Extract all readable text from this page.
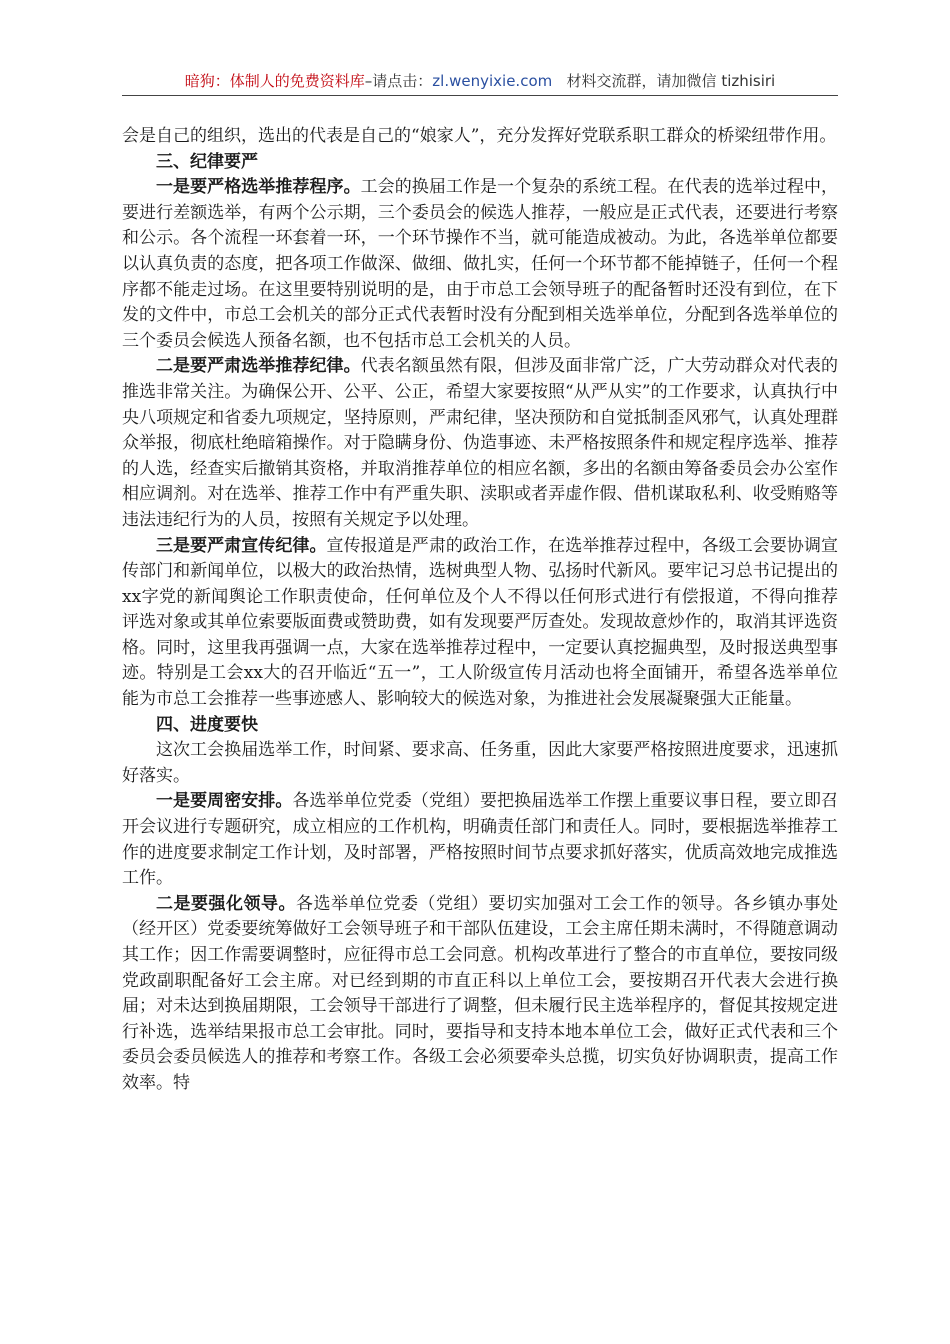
暗狗：体制人的免费资料库–请点击：zl.wenyixie.com 材料交流群，请加微信 tizhisiri

会是自己的组织，选出的代表是自己的“娘家人”，充分发挥好党联系职工群众的桥梁纽带作用。

三、纪律要严

一是要严格选举推荐程序。工会的换届工作是一个复杂的系统工程。在代表的选举过程中，要进行差额选举，有两个公示期，三个委员会的候选人推荐，一般应是正式代表，还要进行考察和公示。各个流程一环套着一环，一个环节操作不当，就可能造成被动。为此，各选举单位都要以认真负责的态度，把各项工作做深、做细、做扎实，任何一个环节都不能掉链子，任何一个程序都不能走过场。在这里要特别说明的是，由于市总工会领导班子的配备暂时还没有到位，在下发的文件中，市总工会机关的部分正式代表暂时没有分配到相关选举单位，分配到各选举单位的三个委员会候选人预备名额，也不包括市总工会机关的人员。

二是要严肃选举推荐纪律。代表名额虽然有限，但涉及面非常广泛，广大劳动群众对代表的推选非常关注。为确保公开、公平、公正，希望大家要按照“从严从实”的工作要求，认真执行中央八项规定和省委九项规定，坚持原则，严肃纪律，坚决预防和自觉抵制歪风邪气，认真处理群众举报，彻底杜绝暗箱操作。对于隐瞒身份、伪造事迹、未严格按照条件和规定程序选举、推荐的人选，经查实后撤销其资格，并取消推荐单位的相应名额，多出的名额由筹备委员会办公室作相应调剂。对在选举、推荐工作中有严重失职、渎职或者弄虚作假、借机谋取私利、收受贿赂等违法违纪行为的人员，按照有关规定予以处理。

三是要严肃宣传纪律。宣传报道是严肃的政治工作，在选举推荐过程中，各级工会要协调宣传部门和新闻单位，以极大的政治热情，选树典型人物、弘扬时代新风。要牢记习总书记提出的xx字党的新闻舆论工作职责使命，任何单位及个人不得以任何形式进行有偿报道，不得向推荐评选对象或其单位索要版面费或赞助费，如有发现要严厉查处。发现故意炒作的，取消其评选资格。同时，这里我再强调一点，大家在选举推荐过程中，一定要认真挖掘典型，及时报送典型事迹。特别是工会xx大的召开临近“五一”，工人阶级宣传月活动也将全面铺开，希望各选举单位能为市总工会推荐一些事迹感人、影响较大的候选对象，为推进社会发展凝聚强大正能量。

四、进度要快

这次工会换届选举工作，时间紧、要求高、任务重，因此大家要严格按照进度要求，迅速抓好落实。

一是要周密安排。各选举单位党委（党组）要把换届选举工作摆上重要议事日程，要立即召开会议进行专题研究，成立相应的工作机构，明确责任部门和责任人。同时，要根据选举推荐工作的进度要求制定工作计划，及时部署，严格按照时间节点要求抓好落实，优质高效地完成推选工作。

二是要强化领导。各选举单位党委（党组）要切实加强对工会工作的领导。各乡镇办事处（经开区）党委要统筹做好工会领导班子和干部队伍建设，工会主席任期未满时，不得随意调动其工作；因工作需要调整时，应征得市总工会同意。机构改革进行了整合的市直单位，要按同级党政副职配备好工会主席。对已经到期的市直正科以上单位工会，要按期召开代表大会进行换届；对未达到换届期限，工会领导干部进行了调整，但未履行民主选举程序的，督促其按规定进行补选，选举结果报市总工会审批。同时，要指导和支持本地本单位工会，做好正式代表和三个委员会委员候选人的推荐和考察工作。各级工会必须要牵头总揽，切实负好协调职责，提高工作效率。特
